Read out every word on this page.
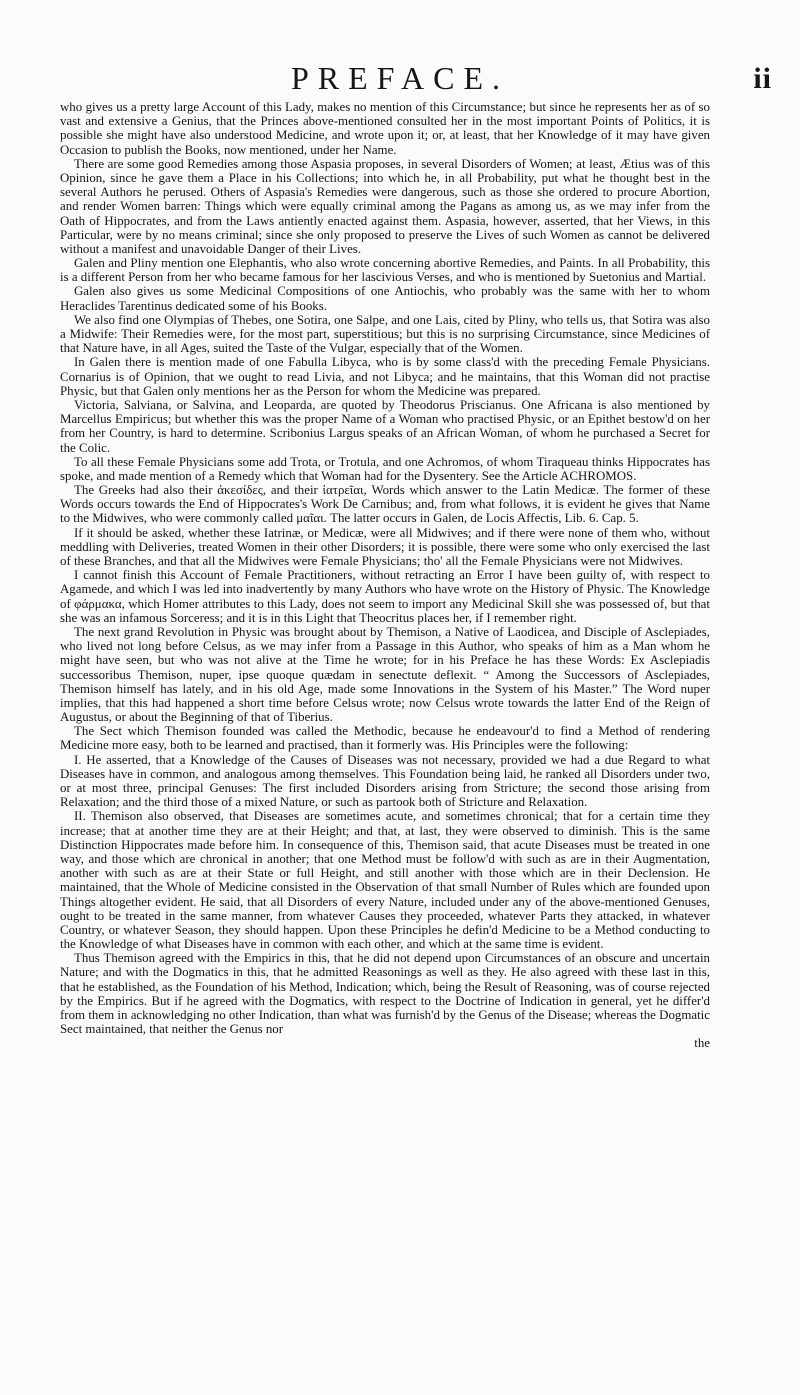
PREFACE.	ii

who gives us a pretty large Account of this Lady, makes no mention of this Circumstance; but since he represents her as of so vast and extensive a Genius, that the Princes above-mentioned consulted her in the most important Points of Politics, it is possible she might have also understood Medicine, and wrote upon it; or, at least, that her Knowledge of it may have given Occasion to publish the Books, now mentioned, under her Name.

There are some good Remedies among those Aspasia proposes, in several Disorders of Women; at least, Ætius was of this Opinion, since he gave them a Place in his Collections; into which he, in all Probability, put what he thought best in the several Authors he perused. Others of Aspasia's Remedies were dangerous, such as those she ordered to procure Abortion, and render Women barren: Things which were equally criminal among the Pagans as among us, as we may infer from the Oath of Hippocrates, and from the Laws antiently enacted against them. Aspasia, however, asserted, that her Views, in this Particular, were by no means criminal; since she only proposed to preserve the Lives of such Women as cannot be delivered without a manifest and unavoidable Danger of their Lives.

Galen and Pliny mention one Elephantis, who also wrote concerning abortive Remedies, and Paints. In all Probability, this is a different Person from her who became famous for her lascivious Verses, and who is mentioned by Suetonius and Martial.

Galen also gives us some Medicinal Compositions of one Antiochis, who probably was the same with her to whom Heraclides Tarentinus dedicated some of his Books.

We also find one Olympias of Thebes, one Sotira, one Salpe, and one Lais, cited by Pliny, who tells us, that Sotira was also a Midwife: Their Remedies were, for the most part, superstitious; but this is no surprising Circumstance, since Medicines of that Nature have, in all Ages, suited the Taste of the Vulgar, especially that of the Women.

In Galen there is mention made of one Fabulla Libyca, who is by some class'd with the preceding Female Physicians. Cornarius is of Opinion, that we ought to read Livia, and not Libyca; and he maintains, that this Woman did not practise Physic, but that Galen only mentions her as the Person for whom the Medicine was prepared.

Victoria, Salviana, or Salvina, and Leoparda, are quoted by Theodorus Priscianus. One Africana is also mentioned by Marcellus Empiricus; but whether this was the proper Name of a Woman who practised Physic, or an Epithet bestow'd on her from her Country, is hard to determine. Scribonius Largus speaks of an African Woman, of whom he purchased a Secret for the Colic.

To all these Female Physicians some add Trota, or Trotula, and one Achromos, of whom Tiraqueau thinks Hippocrates has spoke, and made mention of a Remedy which that Woman had for the Dysentery. See the Article ACHROMOS.

The Greeks had also their ἀκεσίδες, and their ἰατρεῖαι, Words which answer to the Latin Medicæ. The former of these Words occurs towards the End of Hippocrates's Work De Carnibus; and, from what follows, it is evident he gives that Name to the Midwives, who were commonly called μαῖαι. The latter occurs in Galen, de Locis Affectis, Lib. 6. Cap. 5.

If it should be asked, whether these Iatrinæ, or Medicæ, were all Midwives; and if there were none of them who, without meddling with Deliveries, treated Women in their other Disorders; it is possible, there were some who only exercised the last of these Branches, and that all the Midwives were Female Physicians; tho' all the Female Physicians were not Midwives.

I cannot finish this Account of Female Practitioners, without retracting an Error I have been guilty of, with respect to Agamede, and which I was led into inadvertently by many Authors who have wrote on the History of Physic. The Knowledge of φάρμακα, which Homer attributes to this Lady, does not seem to import any Medicinal Skill she was possessed of, but that she was an infamous Sorceress; and it is in this Light that Theocritus places her, if I remember right.

The next grand Revolution in Physic was brought about by Themison, a Native of Laodicea, and Disciple of Asclepiades, who lived not long before Celsus, as we may infer from a Passage in this Author, who speaks of him as a Man whom he might have seen, but who was not alive at the Time he wrote; for in his Preface he has these Words: Ex Asclepiadis successoribus Themison, nuper, ipse quoque quædam in senectute deflexit. “ Among the Successors of Asclepiades, Themison himself has lately, and in his old Age, made some Innovations in the System of his Master.” The Word nuper implies, that this had happened a short time before Celsus wrote; now Celsus wrote towards the latter End of the Reign of Augustus, or about the Beginning of that of Tiberius.

The Sect which Themison founded was called the Methodic, because he endeavour'd to find a Method of rendering Medicine more easy, both to be learned and practised, than it formerly was. His Principles were the following:

I. He asserted, that a Knowledge of the Causes of Diseases was not necessary, provided we had a due Regard to what Diseases have in common, and analogous among themselves. This Foundation being laid, he ranked all Disorders under two, or at most three, principal Genuses: The first included Disorders arising from Stricture; the second those arising from Relaxation; and the third those of a mixed Nature, or such as partook both of Stricture and Relaxation.

II. Themison also observed, that Diseases are sometimes acute, and sometimes chronical; that for a certain time they increase; that at another time they are at their Height; and that, at last, they were observed to diminish. This is the same Distinction Hippocrates made before him. In consequence of this, Themison said, that acute Diseases must be treated in one way, and those which are chronical in another; that one Method must be follow'd with such as are in their Augmentation, another with such as are at their State or full Height, and still another with those which are in their Declension. He maintained, that the Whole of Medicine consisted in the Observation of that small Number of Rules which are founded upon Things altogether evident. He said, that all Disorders of every Nature, included under any of the above-mentioned Genuses, ought to be treated in the same manner, from whatever Causes they proceeded, whatever Parts they attacked, in whatever Country, or whatever Season, they should happen. Upon these Principles he defin'd Medicine to be a Method conducting to the Knowledge of what Diseases have in common with each other, and which at the same time is evident.

Thus Themison agreed with the Empirics in this, that he did not depend upon Circumstances of an obscure and uncertain Nature; and with the Dogmatics in this, that he admitted Reasonings as well as they. He also agreed with these last in this, that he established, as the Foundation of his Method, Indication; which, being the Result of Reasoning, was of course rejected by the Empirics. But if he agreed with the Dogmatics, with respect to the Doctrine of Indication in general, yet he differ'd from them in acknowledging no other Indication, than what was furnish'd by the Genus of the Disease; whereas the Dogmatic Sect maintained, that neither the Genus nor

the
